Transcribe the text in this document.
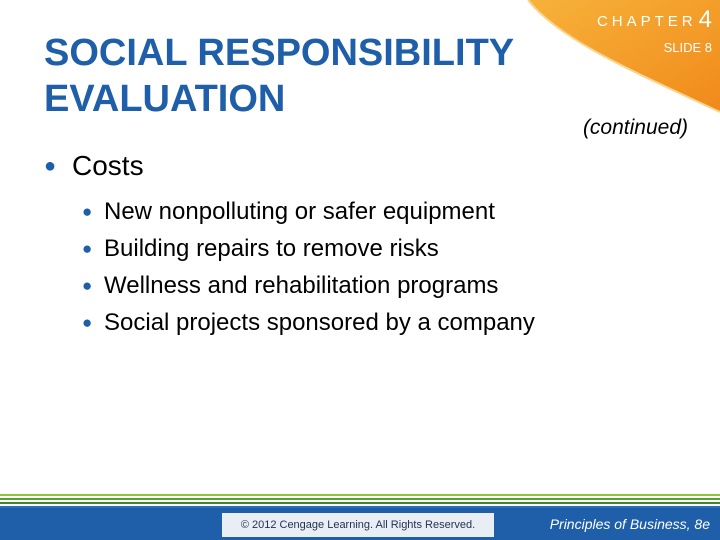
SOCIAL RESPONSIBILITY
EVALUATION
CHAPTER4
SLIDE 8
(continued)
● Costs
● New nonpolluting or safer equipment
● Building repairs to remove risks
● Wellness and rehabilitation programs
● Social projects sponsored by a company
© 2012 Cengage Learning. All Rights Reserved.	Principles of Business, 8e
